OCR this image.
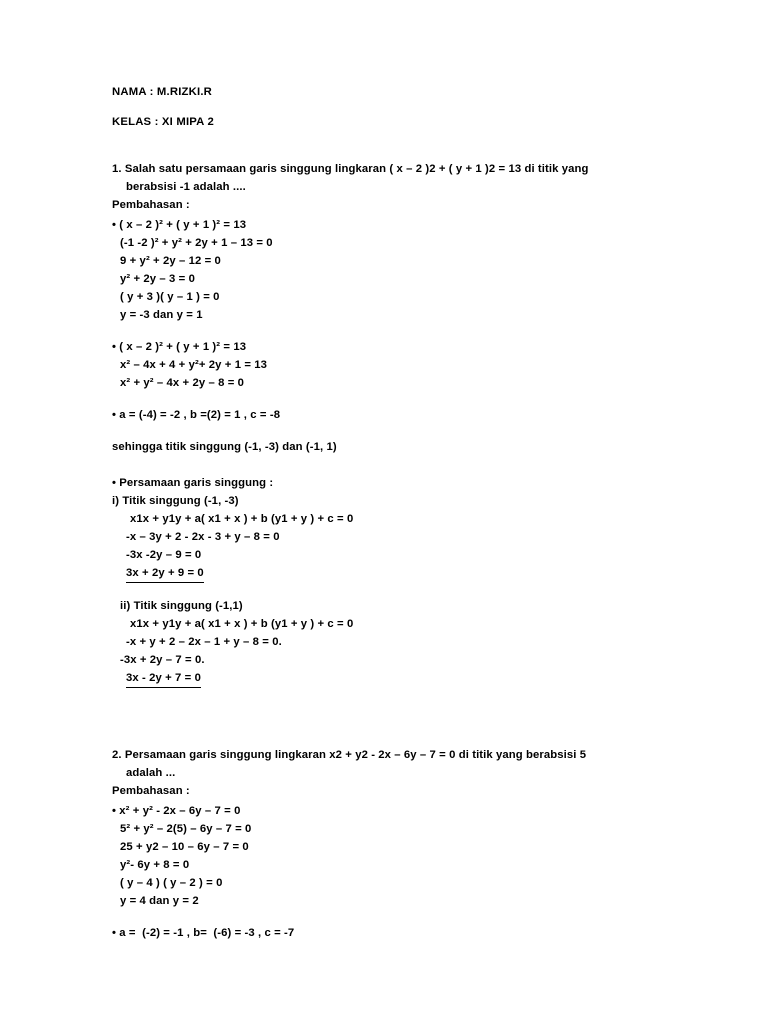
NAMA : M.RIZKI.R

KELAS : XI MIPA 2

1. Salah satu persamaan garis singgung lingkaran ( x – 2 )2 + ( y + 1 )2 = 13 di titik yang

berabsisi -1 adalah ....

Pembahasan :

• ( x – 2 )² + ( y + 1 )² = 13

(-1 -2 )² + y² + 2y + 1 – 13 = 0

9 + y² + 2y – 12 = 0

y² + 2y – 3 = 0

( y + 3 )( y – 1 ) = 0

y = -3 dan y = 1

• ( x – 2 )² + ( y + 1 )² = 13

x² – 4x + 4 + y²+ 2y + 1 = 13

x² + y² – 4x + 2y – 8 = 0

• a = (-4) = -2 , b =(2) = 1 , c = -8

sehingga titik singgung (-1, -3) dan (-1, 1)

• Persamaan garis singgung :

i) Titik singgung (-1, -3)

x1x + y1y + a( x1 + x ) + b (y1 + y ) + c = 0

-x – 3y + 2 - 2x - 3 + y – 8 = 0

-3x -2y – 9 = 0

3x + 2y + 9 = 0

ii) Titik singgung (-1,1)

x1x + y1y + a( x1 + x ) + b (y1 + y ) + c = 0

-x + y + 2 – 2x – 1 + y – 8 = 0.

-3x + 2y – 7 = 0.

3x - 2y + 7 = 0

2. Persamaan garis singgung lingkaran x2 + y2 - 2x – 6y – 7 = 0 di titik yang berabsisi 5

adalah ...

Pembahasan :

• x² + y² - 2x – 6y – 7 = 0

5² + y² – 2(5) – 6y – 7 = 0

25 + y2 – 10 – 6y – 7 = 0

y²- 6y + 8 = 0

( y – 4 ) ( y – 2 ) = 0

y = 4 dan y = 2

• a =  (-2) = -1 , b=  (-6) = -3 , c = -7
